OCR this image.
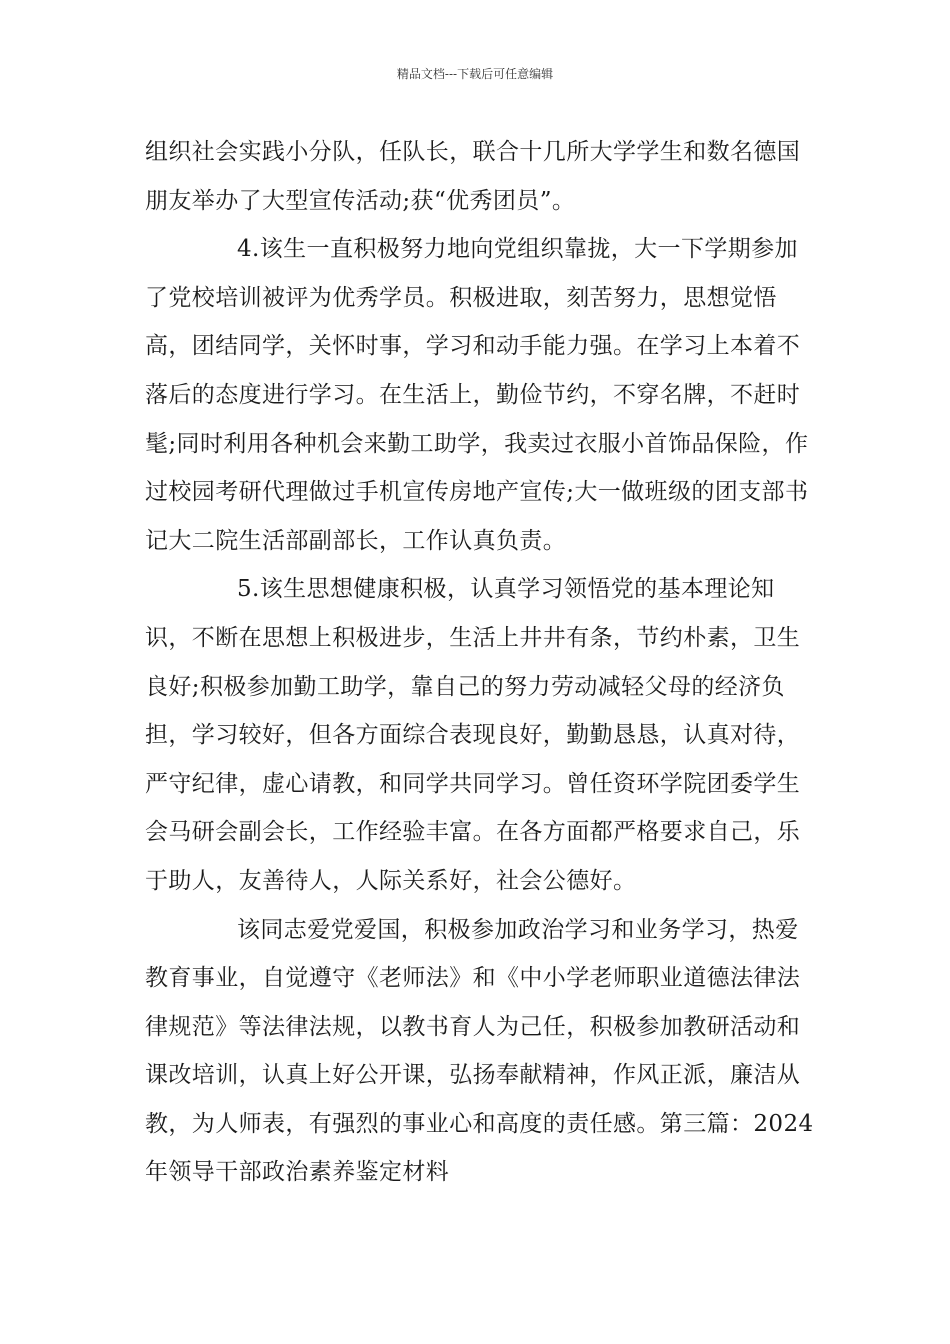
精品文档---下载后可任意编辑

组织社会实践小分队，任队长，联合十几所大学学生和数名德国朋友举办了大型宣传活动;获“优秀团员”。

4.该生一直积极努力地向党组织靠拢，大一下学期参加了党校培训被评为优秀学员。积极进取，刻苦努力，思想觉悟高，团结同学，关怀时事，学习和动手能力强。在学习上本着不落后的态度进行学习。在生活上，勤俭节约，不穿名牌，不赶时髦;同时利用各种机会来勤工助学，我卖过衣服小首饰品保险，作过校园考研代理做过手机宣传房地产宣传;大一做班级的团支部书记大二院生活部副部长，工作认真负责。

5.该生思想健康积极，认真学习领悟党的基本理论知识，不断在思想上积极进步，生活上井井有条，节约朴素，卫生良好;积极参加勤工助学，靠自己的努力劳动减轻父母的经济负担，学习较好，但各方面综合表现良好，勤勤恳恳，认真对待，严守纪律，虚心请教，和同学共同学习。曾任资环学院团委学生会马研会副会长，工作经验丰富。在各方面都严格要求自己，乐于助人，友善待人，人际关系好，社会公德好。

该同志爱党爱国，积极参加政治学习和业务学习，热爱教育事业，自觉遵守《老师法》和《中小学老师职业道德法律法律规范》等法律法规，以教书育人为己任，积极参加教研活动和课改培训，认真上好公开课，弘扬奉献精神，作风正派，廉洁从教，为人师表，有强烈的事业心和高度的责任感。第三篇：2024年领导干部政治素养鉴定材料
